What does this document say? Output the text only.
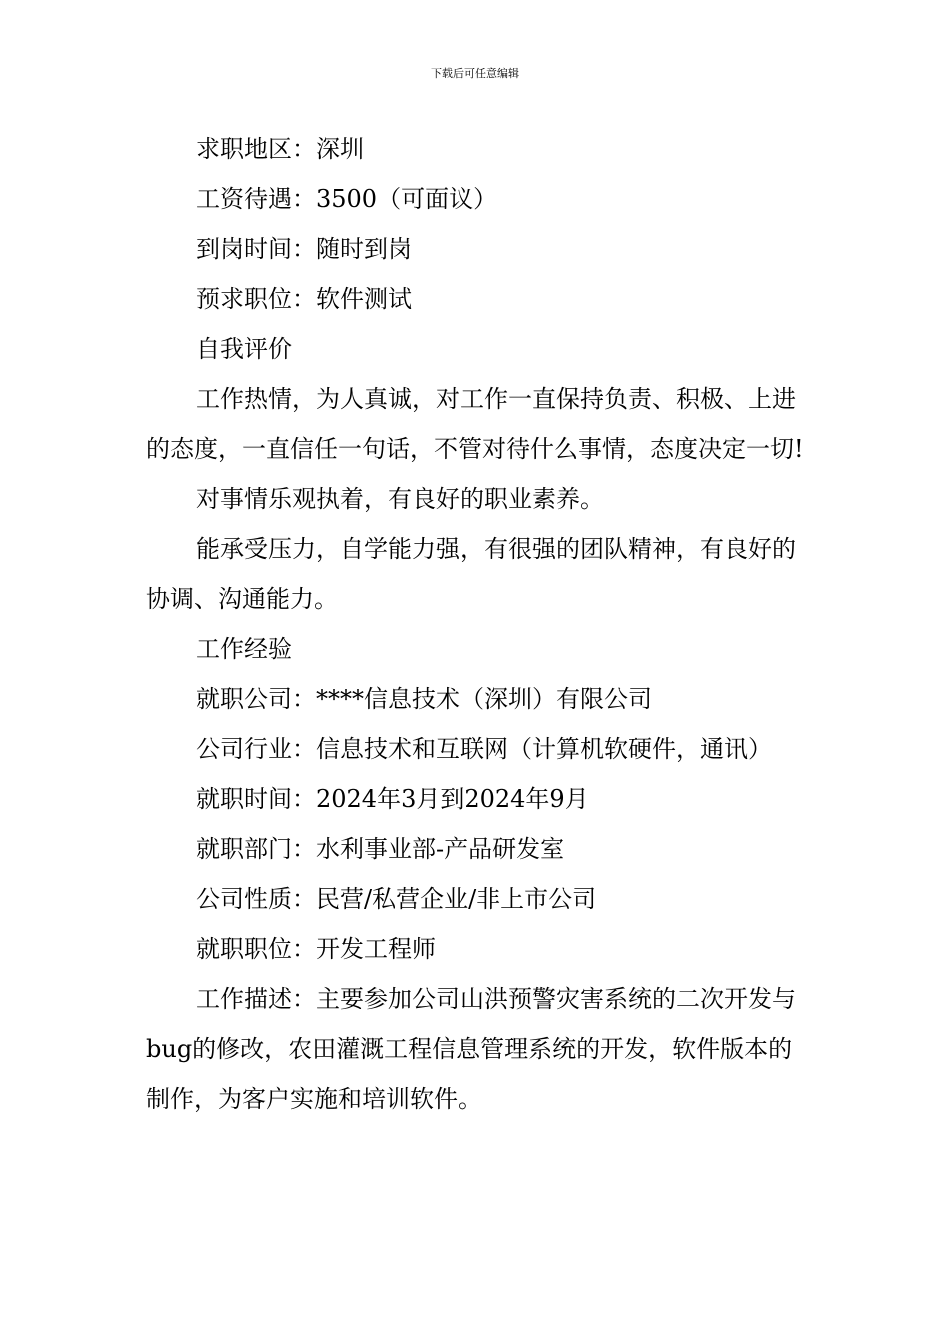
下载后可任意编辑

求职地区：深圳

工资待遇：3500（可面议）

到岗时间：随时到岗

预求职位：软件测试

自我评价

工作热情，为人真诚，对工作一直保持负责、积极、上进的态度，一直信任一句话，不管对待什么事情，态度决定一切!

对事情乐观执着，有良好的职业素养。

能承受压力，自学能力强，有很强的团队精神，有良好的协调、沟通能力。

工作经验

就职公司：****信息技术（深圳）有限公司

公司行业：信息技术和互联网（计算机软硬件，通讯）

就职时间：2024年3月到2024年9月

就职部门：水利事业部-产品研发室

公司性质：民营/私营企业/非上市公司

就职职位：开发工程师

工作描述：主要参加公司山洪预警灾害系统的二次开发与bug的修改，农田灌溉工程信息管理系统的开发，软件版本的制作，为客户实施和培训软件。
